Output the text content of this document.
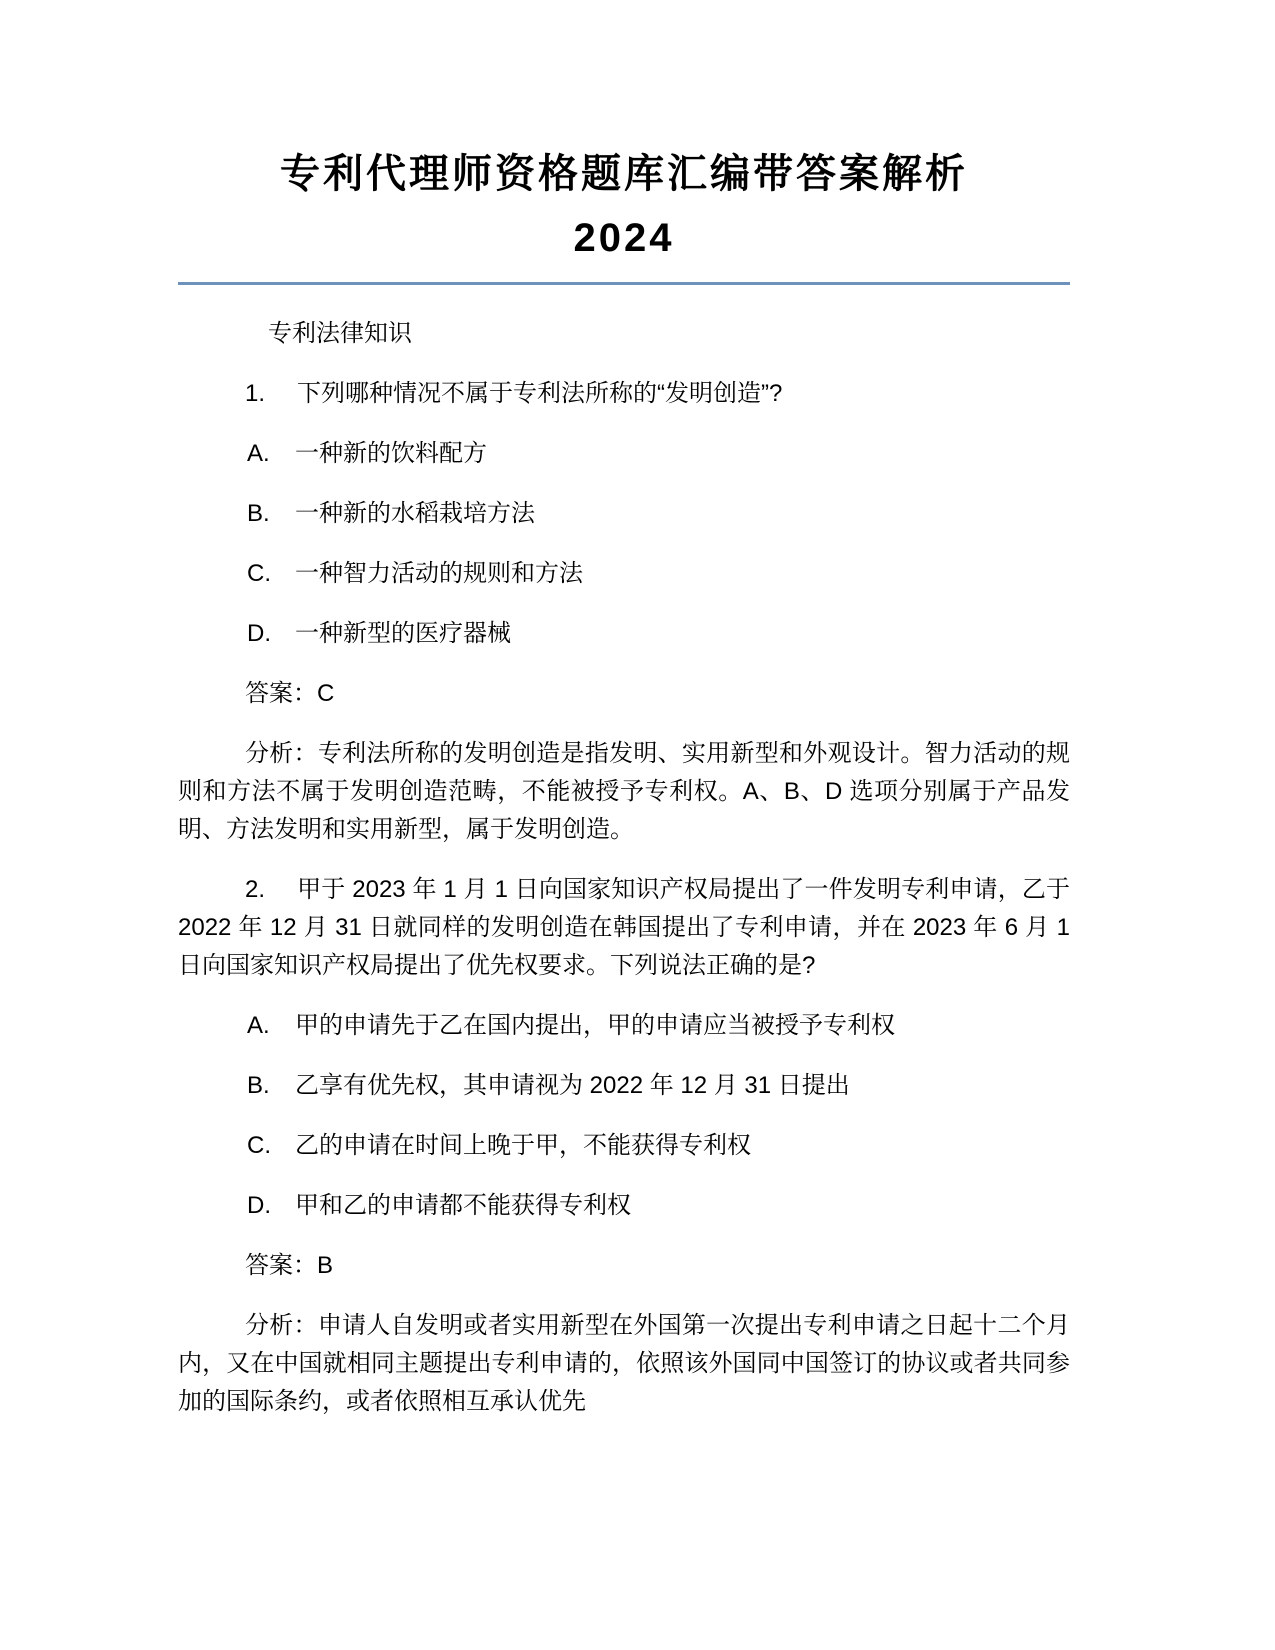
专利代理师资格题库汇编带答案解析
2024
专利法律知识

1. 下列哪种情况不属于专利法所称的“发明创造”?

A. 一种新的饮料配方

B. 一种新的水稻栽培方法

C. 一种智力活动的规则和方法

D. 一种新型的医疗器械

答案：C

分析：专利法所称的发明创造是指发明、实用新型和外观设计。智力活动的规则和方法不属于发明创造范畴，不能被授予专利权。A、B、D 选项分别属于产品发明、方法发明和实用新型，属于发明创造。

2. 甲于 2023 年 1 月 1 日向国家知识产权局提出了一件发明专利申请，乙于 2022 年 12 月 31 日就同样的发明创造在韩国提出了专利申请，并在 2023 年 6 月 1 日向国家知识产权局提出了优先权要求。下列说法正确的是?

A. 甲的申请先于乙在国内提出，甲的申请应当被授予专利权

B. 乙享有优先权，其申请视为 2022 年 12 月 31 日提出

C. 乙的申请在时间上晚于甲，不能获得专利权

D. 甲和乙的申请都不能获得专利权

答案：B

分析：申请人自发明或者实用新型在外国第一次提出专利申请之日起十二个月内，又在中国就相同主题提出专利申请的，依照该外国同中国签订的协议或者共同参加的国际条约，或者依照相互承认优先
